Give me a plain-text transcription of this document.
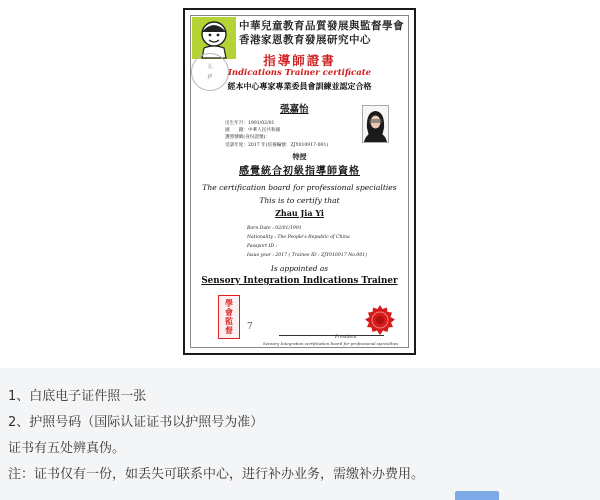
中華兒童教育品質發展與監督學會
香港家恩教育發展研究中心
弘
JP
指導師證書
Indications Trainer certificate
經本中心專家專業委員會訓練並認定合格
張嘉怡
出生年月：1991/02/01
國　　籍：中華人民共和國
護照號碼(身份證號)：
受訓年度：2017 年(培養編號：ZJY010917-001)
特授
感覺統合初級指導師資格
The certification board for professional specialties
This is to certify that
Zhau Jia Yi
Born Date : 02/01/1991
Nationality : The People's Republic of China
Passport ID :
Issue year : 2017 ( Trainee ID : ZJY010917-No.001)
Is appointed as
Sensory Integration Indications Trainer
學
會
監
督	7
President
Sensory Integration certification board for professional specialties
1、白底电子证件照一张
2、护照号码（国际认证证书以护照号为准）
证书有五处辨真伪。
注：证书仅有一份，如丢失可联系中心，进行补办业务，需缴补办费用。
